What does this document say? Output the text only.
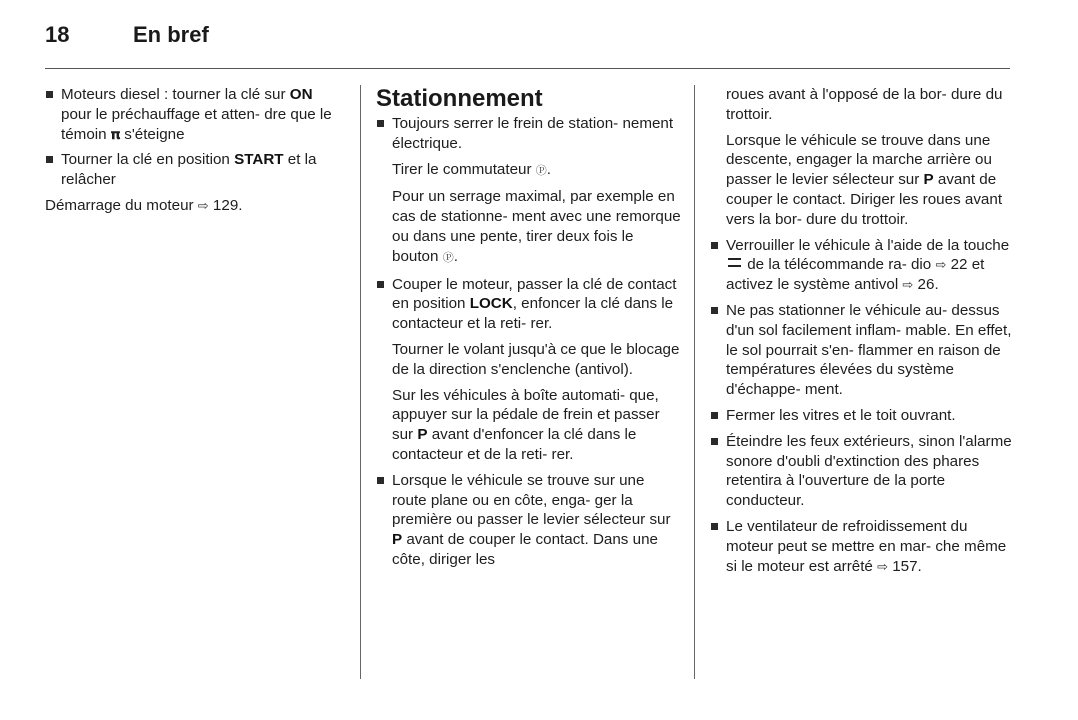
18	En bref
Moteurs diesel : tourner la clé sur ON pour le préchauffage et atten- dre que le témoin 𝛑 s'éteigne
Tourner la clé en position START et la relâcher
Démarrage du moteur ⇨ 129.
Stationnement
Toujours serrer le frein de station- nement électrique.
Tirer le commutateur Ⓟ.
Pour un serrage maximal, par exemple en cas de stationne- ment avec une remorque ou dans une pente, tirer deux fois le bouton Ⓟ.
Couper le moteur, passer la clé de contact en position LOCK, enfoncer la clé dans le contacteur et la reti- rer.
Tourner le volant jusqu'à ce que le blocage de la direction s'enclenche (antivol).
Sur les véhicules à boîte automati- que, appuyer sur la pédale de frein et passer sur P avant d'enfoncer la clé dans le contacteur et de la reti- rer.
Lorsque le véhicule se trouve sur une route plane ou en côte, enga- ger la première ou passer le levier sélecteur sur P avant de couper le contact. Dans une côte, diriger les
roues avant à l'opposé de la bor- dure du trottoir.
Lorsque le véhicule se trouve dans une descente, engager la marche arrière ou passer le levier sélecteur sur P avant de couper le contact. Diriger les roues avant vers la bor- dure du trottoir.
Verrouiller le véhicule à l'aide de la touche  de la télécommande ra- dio ⇨ 22 et activez le système antivol ⇨ 26.
Ne pas stationner le véhicule au- dessus d'un sol facilement inflam- mable. En effet, le sol pourrait s'en- flammer en raison de températures élevées du système d'échappe- ment.
Fermer les vitres et le toit ouvrant.
Éteindre les feux extérieurs, sinon l'alarme sonore d'oubli d'extinction des phares retentira à l'ouverture de la porte conducteur.
Le ventilateur de refroidissement du moteur peut se mettre en mar- che même si le moteur est arrêté ⇨ 157.
